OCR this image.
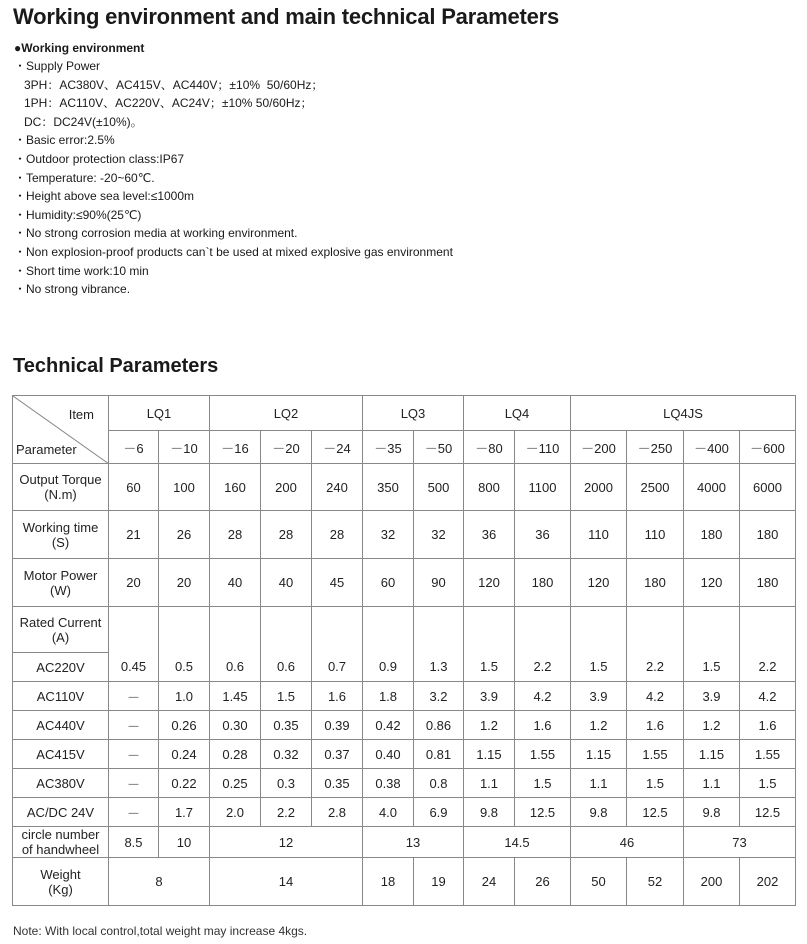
Working environment and main technical Parameters
●Working environment
・Supply Power
3PH：AC380V、AC415V、AC440V；±10%  50/60Hz；
1PH：AC110V、AC220V、AC24V；±10% 50/60Hz；
DC：DC24V(±10%)。
・Basic error:2.5%
・Outdoor protection class:IP67
・Temperature: -20~60℃.
・Height above sea level:≤1000m
・Humidity:≤90%(25℃)
・No strong corrosion media at working environment.
・Non explosion-proof products can`t be used at mixed explosive gas environment
・Short time work:10 min
・No strong vibrance.
Technical Parameters
Item
Parameter	LQ1		LQ2			LQ3		LQ4		LQ4JS			
	－6	－10	－16	－20	－24	－35	－50	－80	－110	－200	－250	－400	－600
Output Torque
(N.m)	60	100	160	200	240	350	500	800	1100	2000	2500	4000	6000
Working time
(S)	21	26	28	28	28	32	32	36	36	110	110	180	180
Motor Power
(W)	20	20	40	40	45	60	90	120	180	120	180	120	180
Rated Current
(A)													
AC220V	0.45	0.5	0.6	0.6	0.7	0.9	1.3	1.5	2.2	1.5	2.2	1.5	2.2
AC110V	－	1.0	1.45	1.5	1.6	1.8	3.2	3.9	4.2	3.9	4.2	3.9	4.2
AC440V	－	0.26	0.30	0.35	0.39	0.42	0.86	1.2	1.6	1.2	1.6	1.2	1.6
AC415V	－	0.24	0.28	0.32	0.37	0.40	0.81	1.15	1.55	1.15	1.55	1.15	1.55
AC380V	－	0.22	0.25	0.3	0.35	0.38	0.8	1.1	1.5	1.1	1.5	1.1	1.5
AC/DC 24V	－	1.7	2.0	2.2	2.8	4.0	6.9	9.8	12.5	9.8	12.5	9.8	12.5
circle number
of handwheel	8.5	10	12			13		14.5		46		73	
Weight
(Kg)	8		14			18	19	24	26	50	52	200	202
Note: With local control,total weight may increase 4kgs.
